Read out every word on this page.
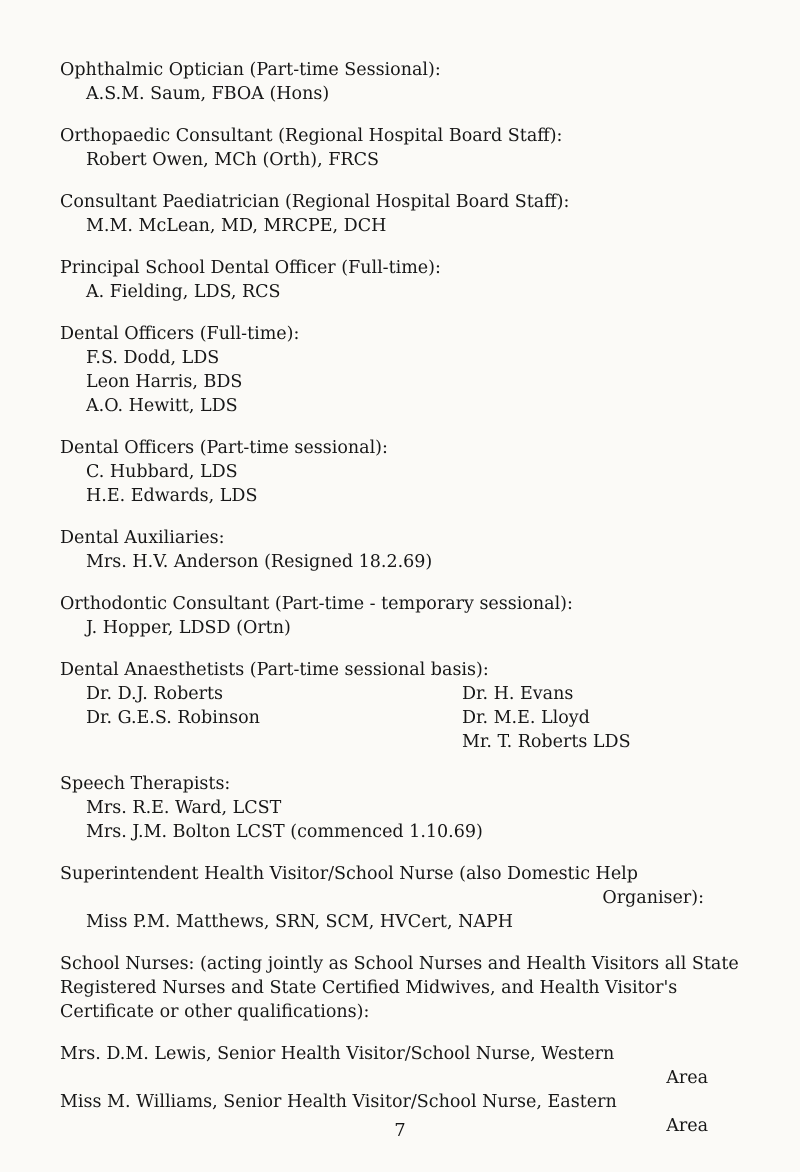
Ophthalmic Optician (Part-time Sessional):
A.S.M. Saum, FBOA (Hons)
Orthopaedic Consultant (Regional Hospital Board Staff):
Robert Owen, MCh (Orth), FRCS
Consultant Paediatrician (Regional Hospital Board Staff):
M.M. McLean, MD, MRCPE, DCH
Principal School Dental Officer (Full-time):
A. Fielding, LDS, RCS
Dental Officers (Full-time):
F.S. Dodd, LDS
Leon Harris, BDS
A.O. Hewitt, LDS
Dental Officers (Part-time sessional):
C. Hubbard, LDS
H.E. Edwards, LDS
Dental Auxiliaries:
Mrs. H.V. Anderson (Resigned 18.2.69)
Orthodontic Consultant (Part-time - temporary sessional):
J. Hopper, LDSD (Ortn)
Dental Anaesthetists (Part-time sessional basis):
Dr. D.J. Roberts
Dr. G.E.S. Robinson
Dr. H. Evans
Dr. M.E. Lloyd
Mr. T. Roberts LDS
Speech Therapists:
Mrs. R.E. Ward, LCST
Mrs. J.M. Bolton LCST (commenced 1.10.69)
Superintendent Health Visitor/School Nurse (also Domestic Help
Organiser):
Miss P.M. Matthews, SRN, SCM, HVCert, NAPH
School Nurses: (acting jointly as School Nurses and Health Visitors all State Registered Nurses and State Certified Midwives, and Health Visitor's Certificate or other qualifications):
Mrs. D.M. Lewis, Senior Health Visitor/School Nurse, Western
Area
Miss M. Williams, Senior Health Visitor/School Nurse, Eastern
Area
7
